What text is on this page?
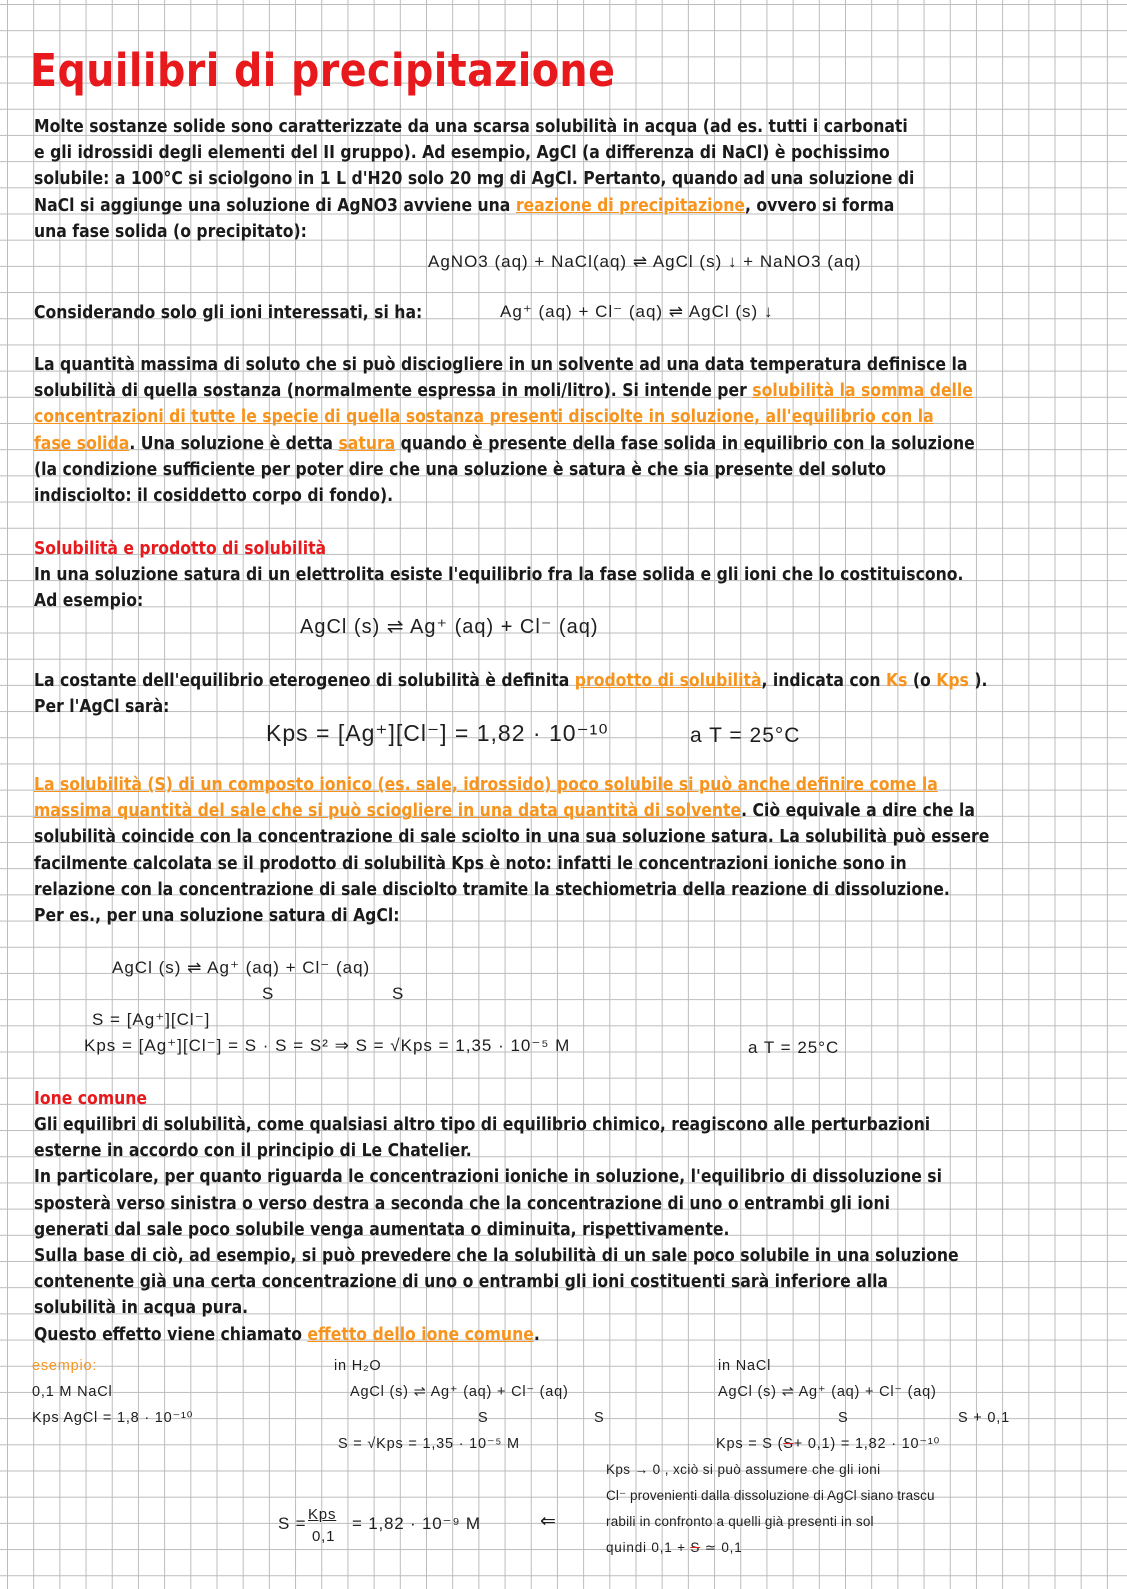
Equilibri di precipitazione
Molte sostanze solide sono caratterizzate da una scarsa solubilità in acqua (ad es. tutti i carbonati
e gli idrossidi degli elementi del II gruppo). Ad esempio, AgCl (a differenza di NaCl) è pochissimo
solubile: a 100°C si sciolgono in 1 L d'H20 solo 20 mg di AgCl. Pertanto, quando ad una soluzione di
NaCl si aggiunge una soluzione di AgNO3 avviene una reazione di precipitazione, ovvero si forma
una fase solida (o precipitato):
AgNO3 (aq) + NaCl(aq) ⇌ AgCl (s) ↓ + NaNO3 (aq)
Considerando solo gli ioni interessati, si ha:	Ag⁺ (aq) + Cl⁻ (aq) ⇌ AgCl (s) ↓
La quantità massima di soluto che si può disciogliere in un solvente ad una data temperatura definisce la
solubilità di quella sostanza (normalmente espressa in moli/litro). Si intende per solubilità la somma delle
concentrazioni di tutte le specie di quella sostanza presenti disciolte in soluzione, all'equilibrio con la
fase solida. Una soluzione è detta satura quando è presente della fase solida in equilibrio con la soluzione
(la condizione sufficiente per poter dire che una soluzione è satura è che sia presente del soluto
indisciolto: il cosiddetto corpo di fondo).
Solubilità e prodotto di solubilità
In una soluzione satura di un elettrolita esiste l'equilibrio fra la fase solida e gli ioni che lo costituiscono.
Ad esempio:
AgCl (s) ⇌ Ag⁺ (aq) + Cl⁻ (aq)
La costante dell'equilibrio eterogeneo di solubilità è definita prodotto di solubilità, indicata con Ks (o Kps ).
Per l'AgCl sarà:
Kps = [Ag⁺][Cl⁻] = 1,82 · 10⁻¹⁰	a T = 25°C
La solubilità (S) di un composto ionico (es. sale, idrossido) poco solubile si può anche definire come la
massima quantità del sale che si può sciogliere in una data quantità di solvente. Ciò equivale a dire che la
solubilità coincide con la concentrazione di sale sciolto in una sua soluzione satura. La solubilità può essere
facilmente calcolata se il prodotto di solubilità Kps è noto: infatti le concentrazioni ioniche sono in
relazione con la concentrazione di sale disciolto tramite la stechiometria della reazione di dissoluzione.
Per es., per una soluzione satura di AgCl:
AgCl (s) ⇌ Ag⁺ (aq) + Cl⁻ (aq)
S	S
S = [Ag⁺][Cl⁻]
Kps = [Ag⁺][Cl⁻] = S · S = S² ⇒ S = √Kps = 1,35 · 10⁻⁵ M	a T = 25°C
Ione comune
Gli equilibri di solubilità, come qualsiasi altro tipo di equilibrio chimico, reagiscono alle perturbazioni
esterne in accordo con il principio di Le Chatelier.
In particolare, per quanto riguarda le concentrazioni ioniche in soluzione, l'equilibrio di dissoluzione si
sposterà verso sinistra o verso destra a seconda che la concentrazione di uno o entrambi gli ioni
generati dal sale poco solubile venga aumentata o diminuita, rispettivamente.
Sulla base di ciò, ad esempio, si può prevedere che la solubilità di un sale poco solubile in una soluzione
contenente già una certa concentrazione di uno o entrambi gli ioni costituenti sarà inferiore alla
solubilità in acqua pura.
Questo effetto viene chiamato effetto dello ione comune.
esempio:
0,1 M NaCl
Kps AgCl = 1,8 · 10⁻¹⁰
in H₂O
AgCl (s) ⇌ Ag⁺ (aq) + Cl⁻ (aq)
S	S
S = √Kps = 1,35 · 10⁻⁵ M
in NaCl
AgCl (s) ⇌ Ag⁺ (aq) + Cl⁻ (aq)
S	S + 0,1
Kps = S (S+ 0,1) = 1,82 · 10⁻¹⁰
Kps → 0 , xciò si può assumere che gli ioni
Cl⁻ provenienti dalla dissoluzione di AgCl siano trascu
rabili in confronto a quelli già presenti in sol
quindi 0,1 + S ≃ 0,1
S = Kps
0,1
= 1,82 · 10⁻⁹ M	⇐
